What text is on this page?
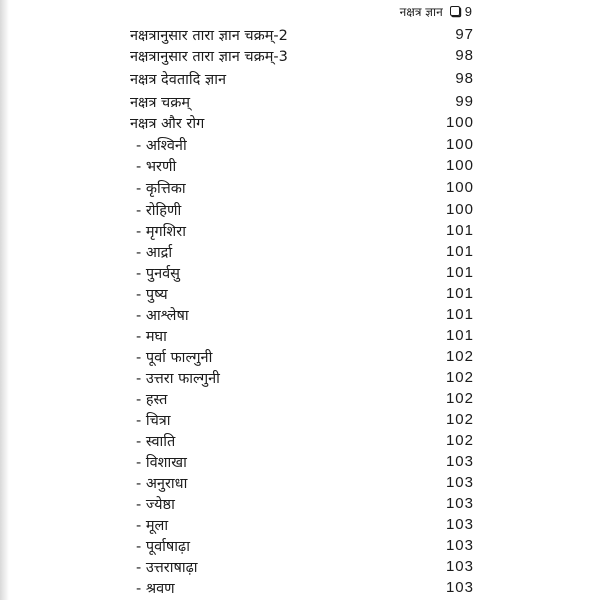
नक्षत्र ज्ञान 9
नक्षत्रानुसार तारा ज्ञान चक्रम्-2	97
नक्षत्रानुसार तारा ज्ञान चक्रम्-3	98
नक्षत्र देवतादि ज्ञान	98
नक्षत्र चक्रम्	99
नक्षत्र और रोग	100
- अश्विनी	100
- भरणी	100
- कृत्तिका	100
- रोहिणी	100
- मृगशिरा	101
- आर्द्रा	101
- पुनर्वसु	101
- पुष्य	101
- आश्लेषा	101
- मघा	101
- पूर्वा फाल्गुनी	102
- उत्तरा फाल्गुनी	102
- हस्त	102
- चित्रा	102
- स्वाति	102
- विशाखा	103
- अनुराधा	103
- ज्येष्ठा	103
- मूला	103
- पूर्वाषाढ़ा	103
- उत्तराषाढ़ा	103
- श्रवण	103
